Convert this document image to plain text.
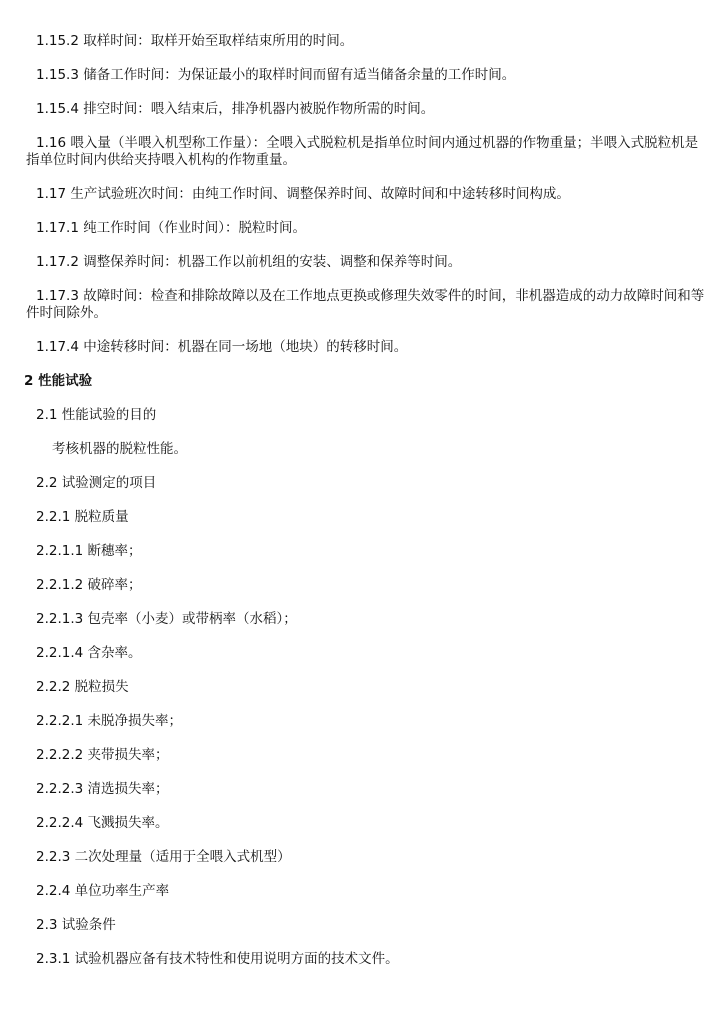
1.15.2 取样时间：取样开始至取样结束所用的时间。
1.15.3 储备工作时间：为保证最小的取样时间而留有适当储备余量的工作时间。
1.15.4 排空时间：喂入结束后，排净机器内被脱作物所需的时间。
1.16 喂入量（半喂入机型称工作量）：全喂入式脱粒机是指单位时间内通过机器的作物重量；半喂入式脱粒机是指单位时间内供给夹持喂入机构的作物重量。
1.17 生产试验班次时间：由纯工作时间、调整保养时间、故障时间和中途转移时间构成。
1.17.1 纯工作时间（作业时间）：脱粒时间。
1.17.2 调整保养时间：机器工作以前机组的安装、调整和保养等时间。
1.17.3 故障时间：检查和排除故障以及在工作地点更换或修理失效零件的时间，非机器造成的动力故障时间和等件时间除外。
1.17.4 中途转移时间：机器在同一场地（地块）的转移时间。
2 性能试验
2.1 性能试验的目的
考核机器的脱粒性能。
2.2 试验测定的项目
2.2.1 脱粒质量
2.2.1.1 断穗率；
2.2.1.2 破碎率；
2.2.1.3 包壳率（小麦）或带柄率（水稻）；
2.2.1.4 含杂率。
2.2.2 脱粒损失
2.2.2.1 未脱净损失率；
2.2.2.2 夹带损失率；
2.2.2.3 清选损失率；
2.2.2.4 飞溅损失率。
2.2.3 二次处理量（适用于全喂入式机型）
2.2.4 单位功率生产率
2.3 试验条件
2.3.1 试验机器应备有技术特性和使用说明方面的技术文件。
